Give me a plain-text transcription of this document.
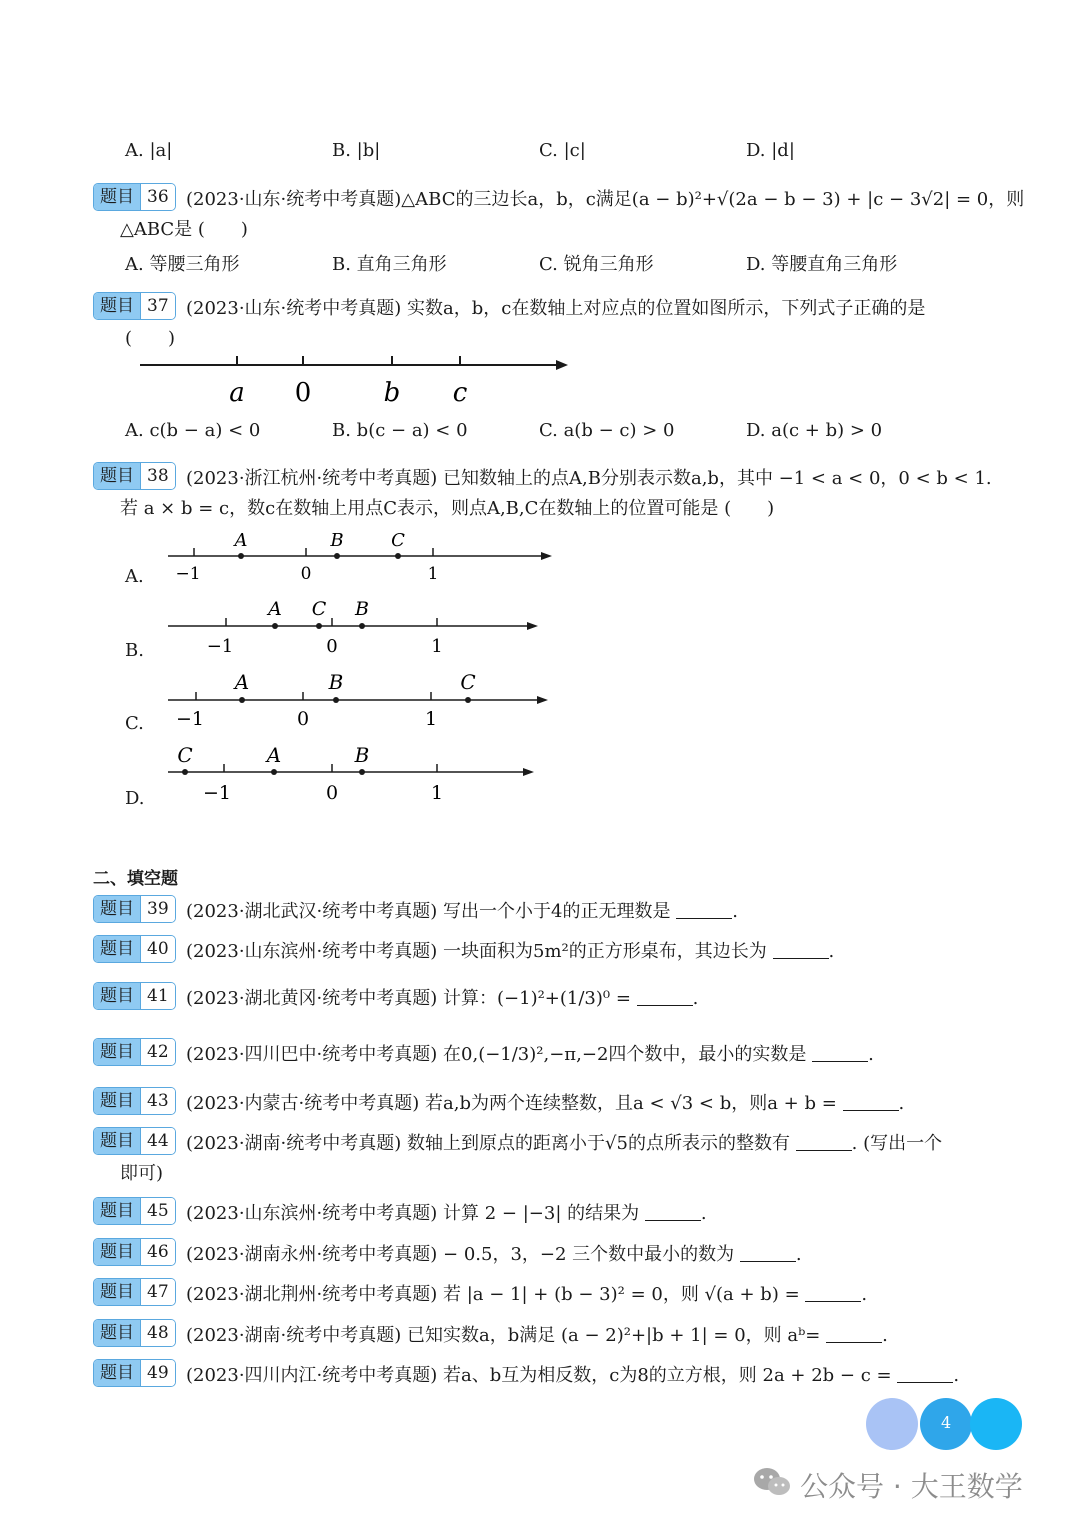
A. |a|	B. |b|	C. |c|	D. |d|
题目 36 (2023·山东·统考中考真题)△ABC的三边长a，b，c满足(a − b)²+√(2a − b − 3) + |c − 3√2| = 0，则
△ABC是 (　　)
A. 等腰三角形	B. 直角三角形	C. 锐角三角形	D. 等腰直角三角形
题目 37 (2023·山东·统考中考真题) 实数a，b，c在数轴上对应点的位置如图所示，下列式子正确的是
(　　)
a 0	b c
A. c(b − a) < 0	B. b(c − a) < 0	C. a(b − c) > 0	D. a(c + b) > 0
题目 38 (2023·浙江杭州·统考中考真题) 已知数轴上的点A,B分别表示数a,b，其中 −1 < a < 0，0 < b < 1.
若 a × b = c，数c在数轴上用点C表示，则点A,B,C在数轴上的位置可能是 (　　)
A.
A	B	C
−1	0	1
B.
A	B
C
−1	0	1
C.
A	B	C
−1	0	1
D.
A	B
C
−1	0	1
二、填空题
题目 39 (2023·湖北武汉·统考中考真题) 写出一个小于4的正无理数是	.
题目 40 (2023·山东滨州·统考中考真题) 一块面积为5m²的正方形桌布，其边长为	.
题目 41 (2023·湖北黄冈·统考中考真题) 计算：(−1)²+(1/3)⁰ =	.
题目 42 (2023·四川巴中·统考中考真题) 在0,(−1/3)²,−π,−2四个数中，最小的实数是	.
题目 43 (2023·内蒙古·统考中考真题) 若a,b为两个连续整数，且a < √3 < b，则a + b =	.
题目 44 (2023·湖南·统考中考真题) 数轴上到原点的距离小于√5的点所表示的整数有	. (写出一个
即可)
题目 45 (2023·山东滨州·统考中考真题) 计算 2 − |−3| 的结果为	.
题目 46 (2023·湖南永州·统考中考真题) − 0.5，3，−2 三个数中最小的数为	.
题目 47 (2023·湖北荆州·统考中考真题) 若 |a − 1| + (b − 3)² = 0，则 √(a + b) =	.
题目 48 (2023·湖南·统考中考真题) 已知实数a，b满足 (a − 2)²+|b + 1| = 0，则 aᵇ=	.
题目 49 (2023·四川内江·统考中考真题) 若a、b互为相反数，c为8的立方根，则 2a + 2b − c =	.
4
公众号 · 大王数学
